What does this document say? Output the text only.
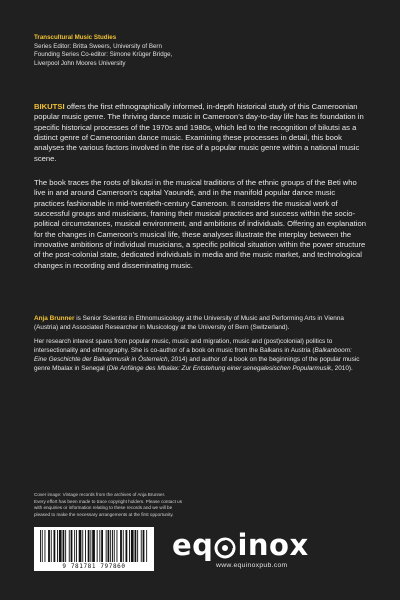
Transcultural Music Studies
Series Editor: Britta Sweers, University of Bern
Founding Series Co-editor: Simone Krüger Bridge,
Liverpool John Moores University

BIKUTSI offers the first ethnographically informed, in-depth historical study of this Cameroonian popular music genre. The thriving dance music in Cameroon’s day-to-day life has its foundation in specific historical processes of the 1970s and 1980s, which led to the recognition of bikutsi as a distinct genre of Cameroonian dance music. Examining these processes in detail, this book analyses the various factors involved in the rise of a popular music genre within a national music scene.

The book traces the roots of bikutsi in the musical traditions of the ethnic groups of the Beti who live in and around Cameroon’s capital Yaoundé, and in the manifold popular dance music practices fashionable in mid-twentieth-century Cameroon. It considers the musical work of successful groups and musicians, framing their musical practices and success within the socio-political circumstances, musical environment, and ambitions of individuals. Offering an explanation for the changes in Cameroon’s musical life, these analyses illustrate the interplay between the innovative ambitions of individual musicians, a specific political situation within the power structure of the post-colonial state, dedicated individuals in media and the music market, and technological changes in recording and disseminating music.

Anja Brunner is Senior Scientist in Ethnomusicology at the University of Music and Performing Arts in Vienna (Austria) and Associated Researcher in Musicology at the University of Bern (Switzerland).

Her research interest spans from popular music, music and migration, music and (post)colonial) politics to intersectionality and ethnography. She is co-author of a book on music from the Balkans in Austria (Balkanboom: Eine Geschichte der Balkanmusik in Österreich, 2014) and author of a book on the beginnings of the popular music genre Mbalax in Senegal (Die Anfänge des Mbalax: Zur Entstehung einer senegalesischen Popularmusik, 2010).

Cover image: Vintage records from the archives of Anja Brunner.
Every effort has been made to trace copyright holders. Please contact us
with enquiries or information relating to these records and we will be
pleased to make the necessary arrangements at the first opportunity.
9 781781 797860
eq inox
www.equinoxpub.com
